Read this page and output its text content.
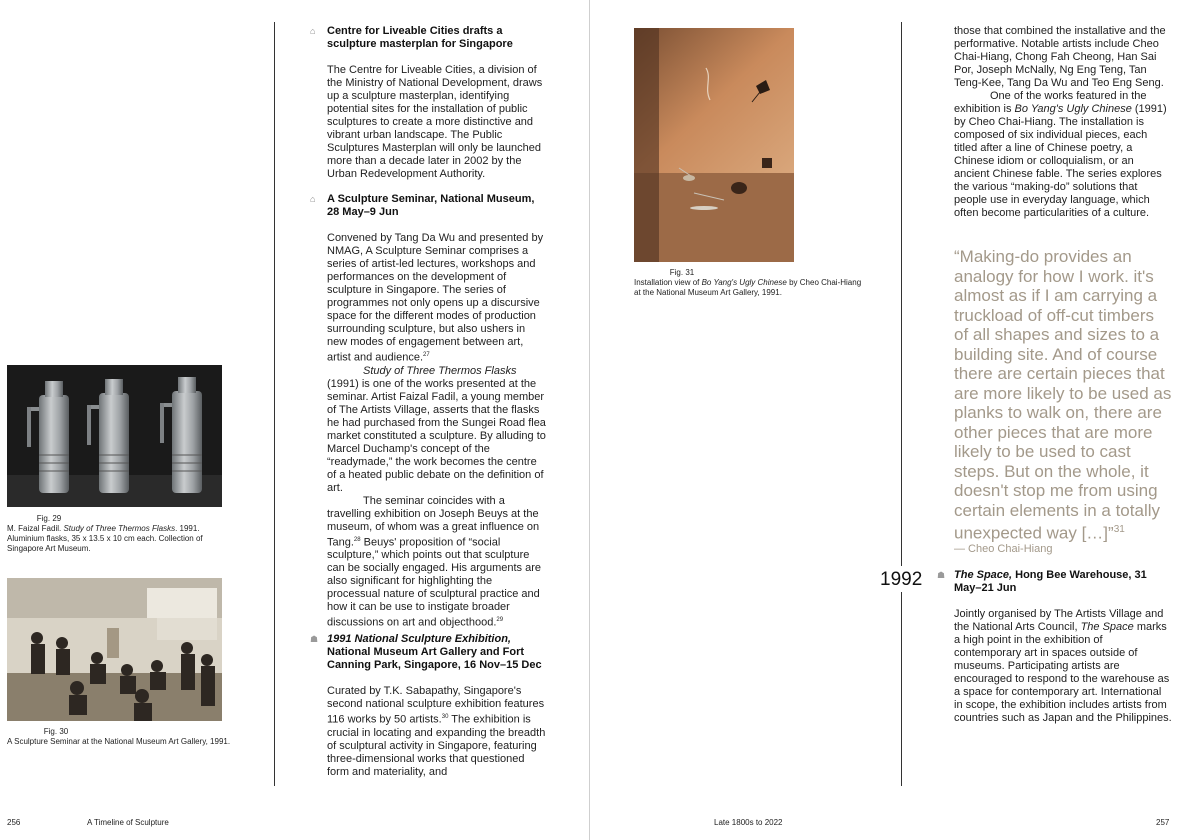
Fig. 29
M. Faizal Fadil. Study of Three Thermos Flasks. 1991. Aluminium flasks, 35 x 13.5 x 10 cm each. Collection of Singapore Art Museum.
Fig. 30
A Sculpture Seminar at the National Museum Art Gallery, 1991.
⌂ Centre for Liveable Cities drafts a sculpture masterplan for Singapore
The Centre for Liveable Cities, a division of the Ministry of National Development, draws up a sculpture masterplan, identifying potential sites for the installation of public sculptures to create a more distinctive and vibrant urban landscape. The Public Sculptures Masterplan will only be launched more than a decade later in 2002 by the Urban Redevelopment Authority.
⌂ A Sculpture Seminar, National Museum, 28 May–9 Jun

Convened by Tang Da Wu and presented by NMAG, A Sculpture Seminar comprises a series of artist-led lectures, workshops and performances on the development of sculpture in Singapore. The series of programmes not only opens up a discursive space for the different modes of production surrounding sculpture, but also ushers in new modes of engagement between art, artist and audience.$^{27}$

Study of Three Thermos Flasks (1991) is one of the works presented at the seminar. Artist Faizal Fadil, a young member of The Artists Village, asserts that the flasks he had purchased from the Sungei Road flea market constituted a sculpture. By alluding to Marcel Duchamp's concept of the “readymade,” the work becomes the centre of a heated public debate on the definition of art.

The seminar coincides with a travelling exhibition on Joseph Beuys at the museum, of whom was a great influence on Tang.$^{28}$ Beuys' proposition of “social sculpture,” which points out that sculpture can be socially engaged. His arguments are also significant for highlighting the processual nature of sculptural practice and how it can be use to instigate broader discussions on art and objecthood.$^{29}$

☗ 1991 National Sculpture Exhibition, National Museum Art Gallery and Fort Canning Park, Singapore, 16 Nov–15 Dec
Curated by T.K. Sabapathy, Singapore's second national sculpture exhibition features 116 works by 50 artists.$^{30}$ The exhibition is crucial in locating and expanding the breadth of sculptural activity in Singapore, featuring three-dimensional works that questioned form and materiality, and
256	A Timeline of Sculpture
Fig. 31
Installation view of Bo Yang's Ugly Chinese by Cheo Chai-Hiang at the National Museum Art Gallery, 1991.

those that combined the installative and the performative. Notable artists include Cheo Chai-Hiang, Chong Fah Cheong, Han Sai Por, Joseph McNally, Ng Eng Teng, Tan Teng-Kee, Tang Da Wu and Teo Eng Seng.

One of the works featured in the exhibition is Bo Yang's Ugly Chinese (1991) by Cheo Chai-Hiang. The installation is composed of six individual pieces, each titled after a line of Chinese poetry, a Chinese idiom or colloquialism, or an ancient Chinese fable. The series explores the various “making-do” solutions that people use in everyday language, which often become particularities of a culture.

“Making-do provides an analogy for how I work. it's almost as if I am carrying a truckload of off-cut timbers of all shapes and sizes to a building site. And of course there are certain pieces that are more likely to be used as planks to walk on, there are other pieces that are more likely to be used to cast steps. But on the whole, it doesn't stop me from using certain elements in a totally unexpected way […]”$^{31}$
— Cheo Chai-Hiang
1992 ☗ The Space, Hong Bee Warehouse, 31 May–21 Jun
Jointly organised by The Artists Village and the National Arts Council, The Space marks a high point in the exhibition of contemporary art in spaces outside of museums. Participating artists are encouraged to respond to the warehouse as a space for contemporary art. International in scope, the exhibition includes artists from countries such as Japan and the Philippines.
Late 1800s to 2022	257
